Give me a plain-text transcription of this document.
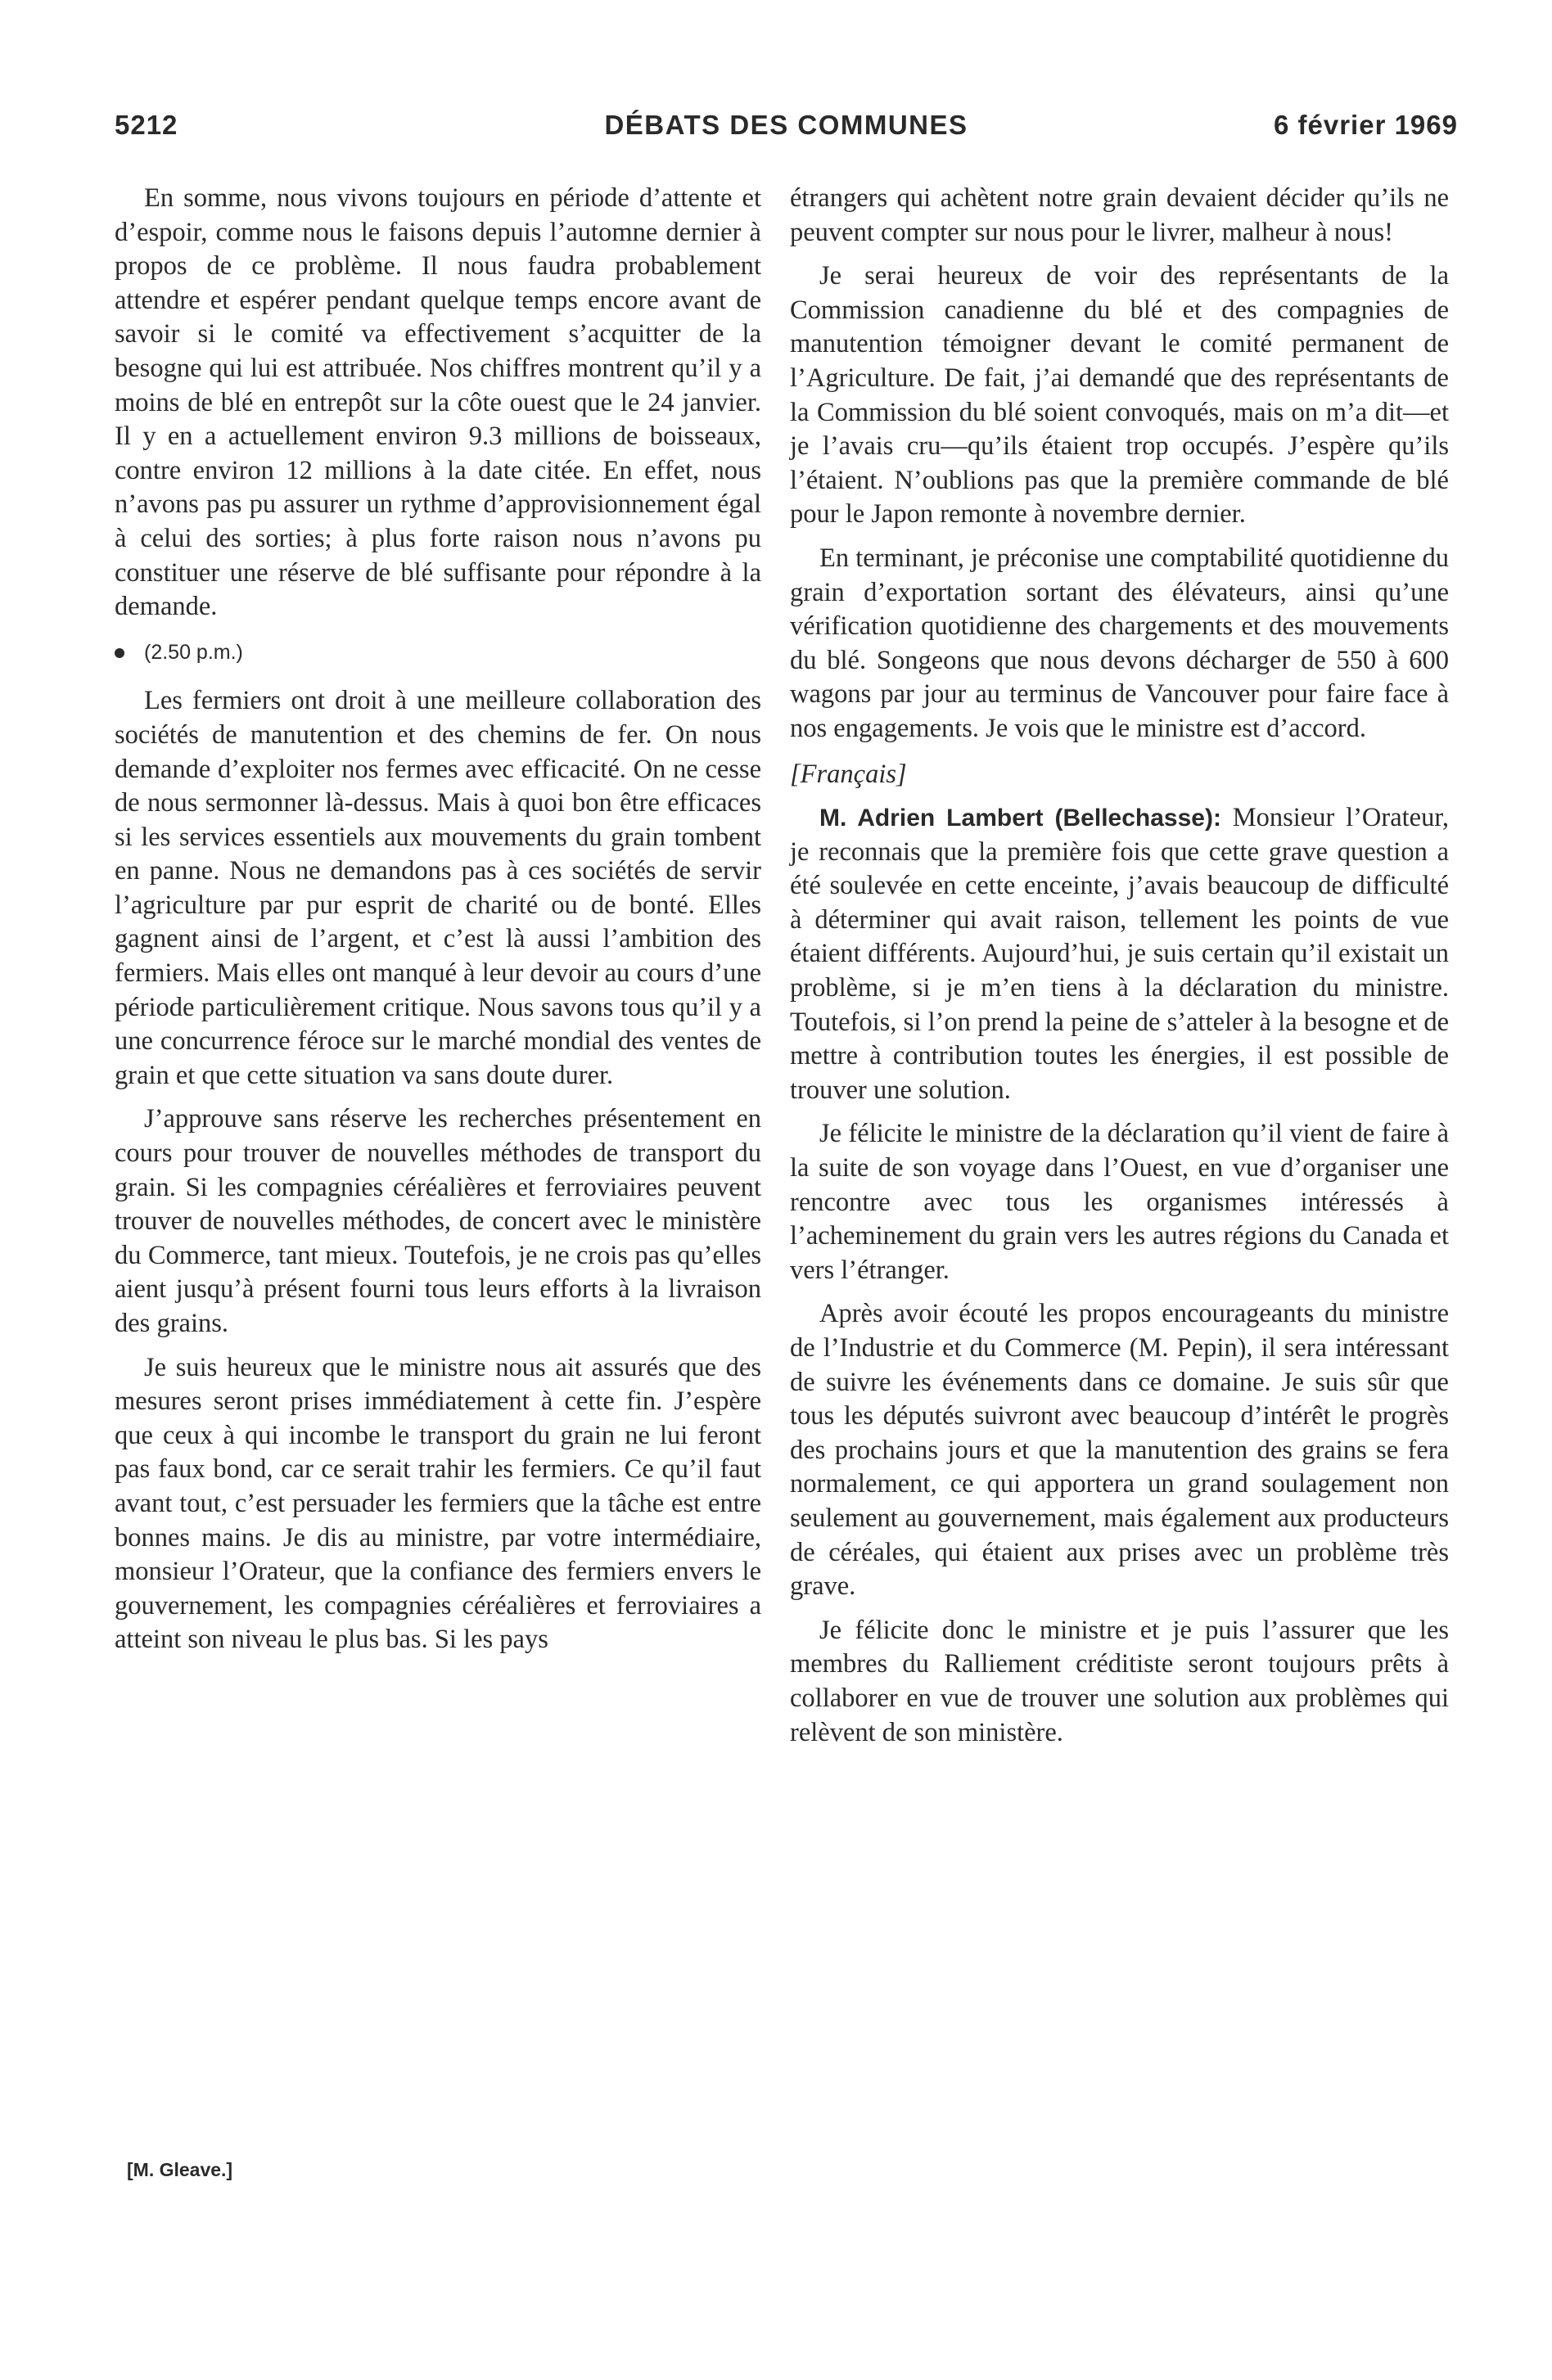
5212	DÉBATS DES COMMUNES	6 février 1969

En somme, nous vivons toujours en période d’attente et d’espoir, comme nous le faisons depuis l’automne dernier à propos de ce problème. Il nous faudra probablement attendre et espérer pendant quelque temps encore avant de savoir si le comité va effectivement s’acquitter de la besogne qui lui est attribuée. Nos chiffres montrent qu’il y a moins de blé en entrepôt sur la côte ouest que le 24 janvier. Il y en a actuellement environ 9.3 millions de boisseaux, contre environ 12 millions à la date citée. En effet, nous n’avons pas pu assurer un rythme d’approvisionnement égal à celui des sorties; à plus forte raison nous n’avons pu constituer une réserve de blé suffisante pour répondre à la demande.

(2.50 p.m.)

Les fermiers ont droit à une meilleure collaboration des sociétés de manutention et des chemins de fer. On nous demande d’exploiter nos fermes avec efficacité. On ne cesse de nous sermonner là-dessus. Mais à quoi bon être efficaces si les services essentiels aux mouvements du grain tombent en panne. Nous ne demandons pas à ces sociétés de servir l’agriculture par pur esprit de charité ou de bonté. Elles gagnent ainsi de l’argent, et c’est là aussi l’ambition des fermiers. Mais elles ont manqué à leur devoir au cours d’une période particulièrement critique. Nous savons tous qu’il y a une concurrence féroce sur le marché mondial des ventes de grain et que cette situation va sans doute durer.

J’approuve sans réserve les recherches présentement en cours pour trouver de nouvelles méthodes de transport du grain. Si les compagnies céréalières et ferroviaires peuvent trouver de nouvelles méthodes, de concert avec le ministère du Commerce, tant mieux. Toutefois, je ne crois pas qu’elles aient jusqu’à présent fourni tous leurs efforts à la livraison des grains.

Je suis heureux que le ministre nous ait assurés que des mesures seront prises immédiatement à cette fin. J’espère que ceux à qui incombe le transport du grain ne lui feront pas faux bond, car ce serait trahir les fermiers. Ce qu’il faut avant tout, c’est persuader les fermiers que la tâche est entre bonnes mains. Je dis au ministre, par votre intermédiaire, monsieur l’Orateur, que la confiance des fermiers envers le gouvernement, les compagnies céréalières et ferroviaires a atteint son niveau le plus bas. Si les pays

étrangers qui achètent notre grain devaient décider qu’ils ne peuvent compter sur nous pour le livrer, malheur à nous!

Je serai heureux de voir des représentants de la Commission canadienne du blé et des compagnies de manutention témoigner devant le comité permanent de l’Agriculture. De fait, j’ai demandé que des représentants de la Commission du blé soient convoqués, mais on m’a dit—et je l’avais cru—qu’ils étaient trop occupés. J’espère qu’ils l’étaient. N’oublions pas que la première commande de blé pour le Japon remonte à novembre dernier.

En terminant, je préconise une comptabilité quotidienne du grain d’exportation sortant des élévateurs, ainsi qu’une vérification quotidienne des chargements et des mouvements du blé. Songeons que nous devons décharger de 550 à 600 wagons par jour au terminus de Vancouver pour faire face à nos engagements. Je vois que le ministre est d’accord.

[Français]

M. Adrien Lambert (Bellechasse): Monsieur l’Orateur, je reconnais que la première fois que cette grave question a été soulevée en cette enceinte, j’avais beaucoup de difficulté à déterminer qui avait raison, tellement les points de vue étaient différents. Aujourd’hui, je suis certain qu’il existait un problème, si je m’en tiens à la déclaration du ministre. Toutefois, si l’on prend la peine de s’atteler à la besogne et de mettre à contribution toutes les énergies, il est possible de trouver une solution.

Je félicite le ministre de la déclaration qu’il vient de faire à la suite de son voyage dans l’Ouest, en vue d’organiser une rencontre avec tous les organismes intéressés à l’acheminement du grain vers les autres régions du Canada et vers l’étranger.

Après avoir écouté les propos encourageants du ministre de l’Industrie et du Commerce (M. Pepin), il sera intéressant de suivre les événements dans ce domaine. Je suis sûr que tous les députés suivront avec beaucoup d’intérêt le progrès des prochains jours et que la manutention des grains se fera normalement, ce qui apportera un grand soulagement non seulement au gouvernement, mais également aux producteurs de céréales, qui étaient aux prises avec un problème très grave.

Je félicite donc le ministre et je puis l’assurer que les membres du Ralliement créditiste seront toujours prêts à collaborer en vue de trouver une solution aux problèmes qui relèvent de son ministère.

[M. Gleave.]
